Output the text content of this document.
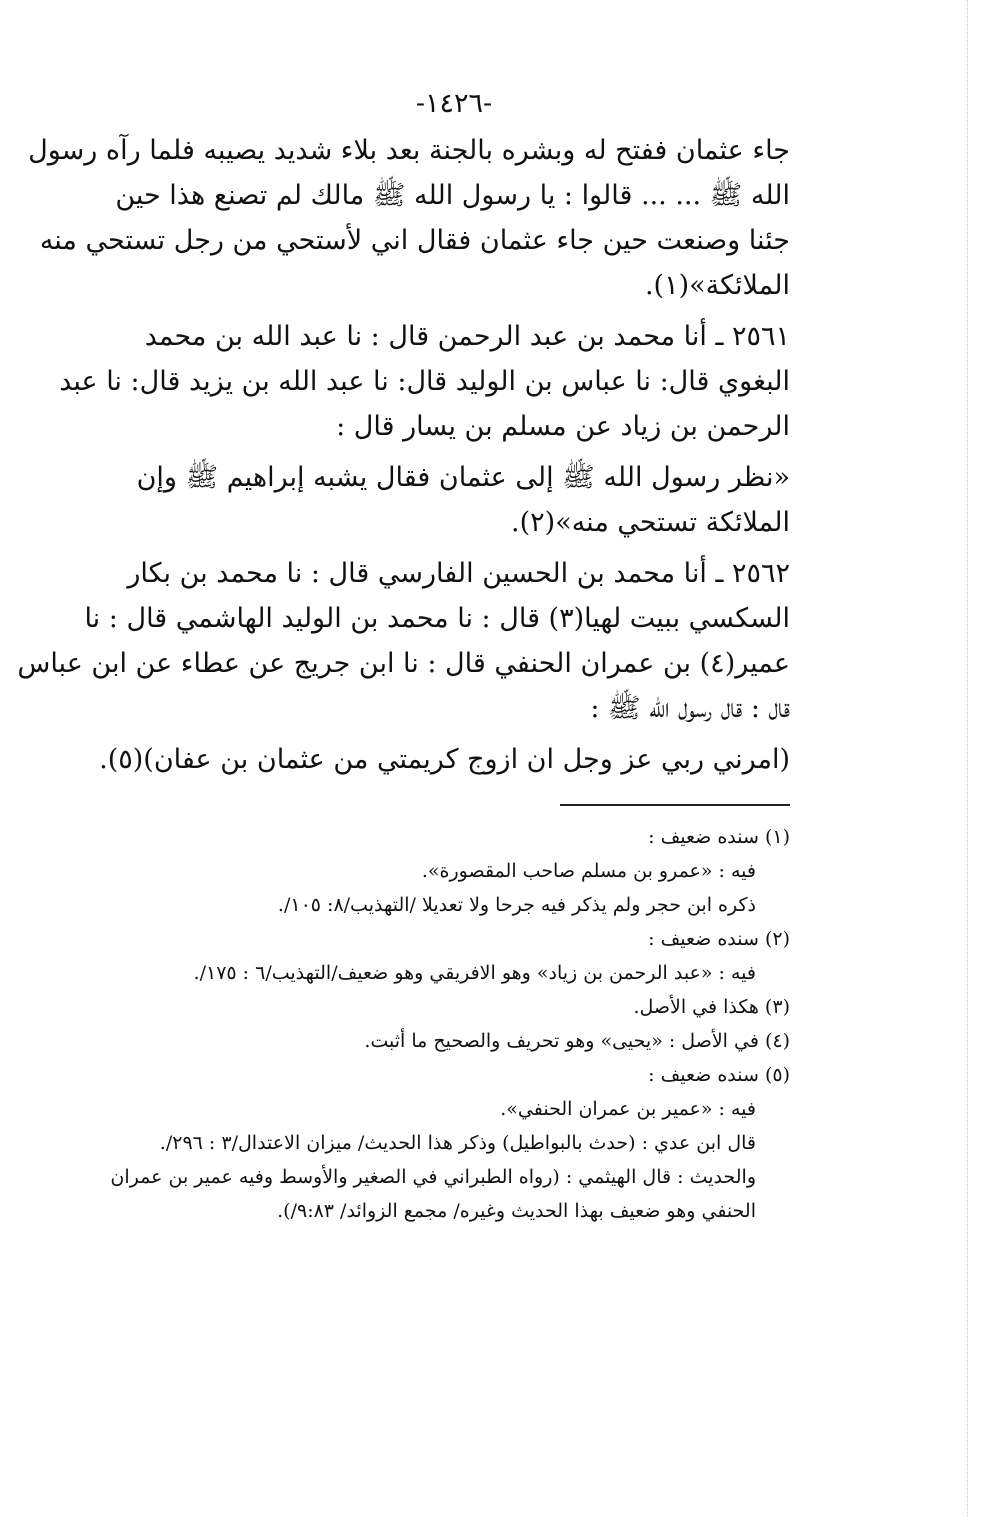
-١٤٢٦-
جاء عثمان ففتح له وبشره بالجنة بعد بلاء شديد يصيبه فلما رآه رسول
الله ﷺ ... ... قالوا : يا رسول الله ﷺ مالك لم تصنع هذا حين
جئنا وصنعت حين جاء عثمان فقال اني لأستحي من رجل تستحي منه
الملائكة»(١).
٢٥٦١ ـ أنا محمد بن عبد الرحمن قال : نا عبد الله بن محمد
البغوي قال: نا عباس بن الوليد قال: نا عبد الله بن يزيد قال: نا عبد
الرحمن بن زياد عن مسلم بن يسار قال :
«نظر رسول الله ﷺ إلى عثمان فقال يشبه إبراهيم ﷺ وإن
الملائكة تستحي منه»(٢).
٢٥٦٢ ـ أنا محمد بن الحسين الفارسي قال : نا محمد بن بكار
السكسي ببيت لهيا(٣) قال : نا محمد بن الوليد الهاشمي قال : نا
عمير(٤) بن عمران الحنفي قال : نا ابن جريج عن عطاء عن ابن عباس
قال : قال رسول الله ﷺ :
(امرني ربي عز وجل ان ازوج كريمتي من عثمان بن عفان)(٥).
(١) سنده ضعيف :
فيه : «عمرو بن مسلم صاحب المقصورة».
ذكره ابن حجر ولم يذكر فيه جرحا ولا تعديلا /التهذيب/٨: ١٠٥/.
(٢) سنده ضعيف :
فيه : «عبد الرحمن بن زياد» وهو الافريقي وهو ضعيف/التهذيب/٦ : ١٧٥/.
(٣) هكذا في الأصل.
(٤) في الأصل : «يحيى» وهو تحريف والصحيح ما أثبت.
(٥) سنده ضعيف :
فيه : «عمير بن عمران الحنفي».
قال ابن عدي : (حدث بالبواطيل) وذكر هذا الحديث/ ميزان الاعتدال/٣ : ٢٩٦/.
والحديث : قال الهيثمي : (رواه الطبراني في الصغير والأوسط وفيه عمير بن عمران
الحنفي وهو ضعيف بهذا الحديث وغيره/ مجمع الزوائد/ ٩:٨٣/).
